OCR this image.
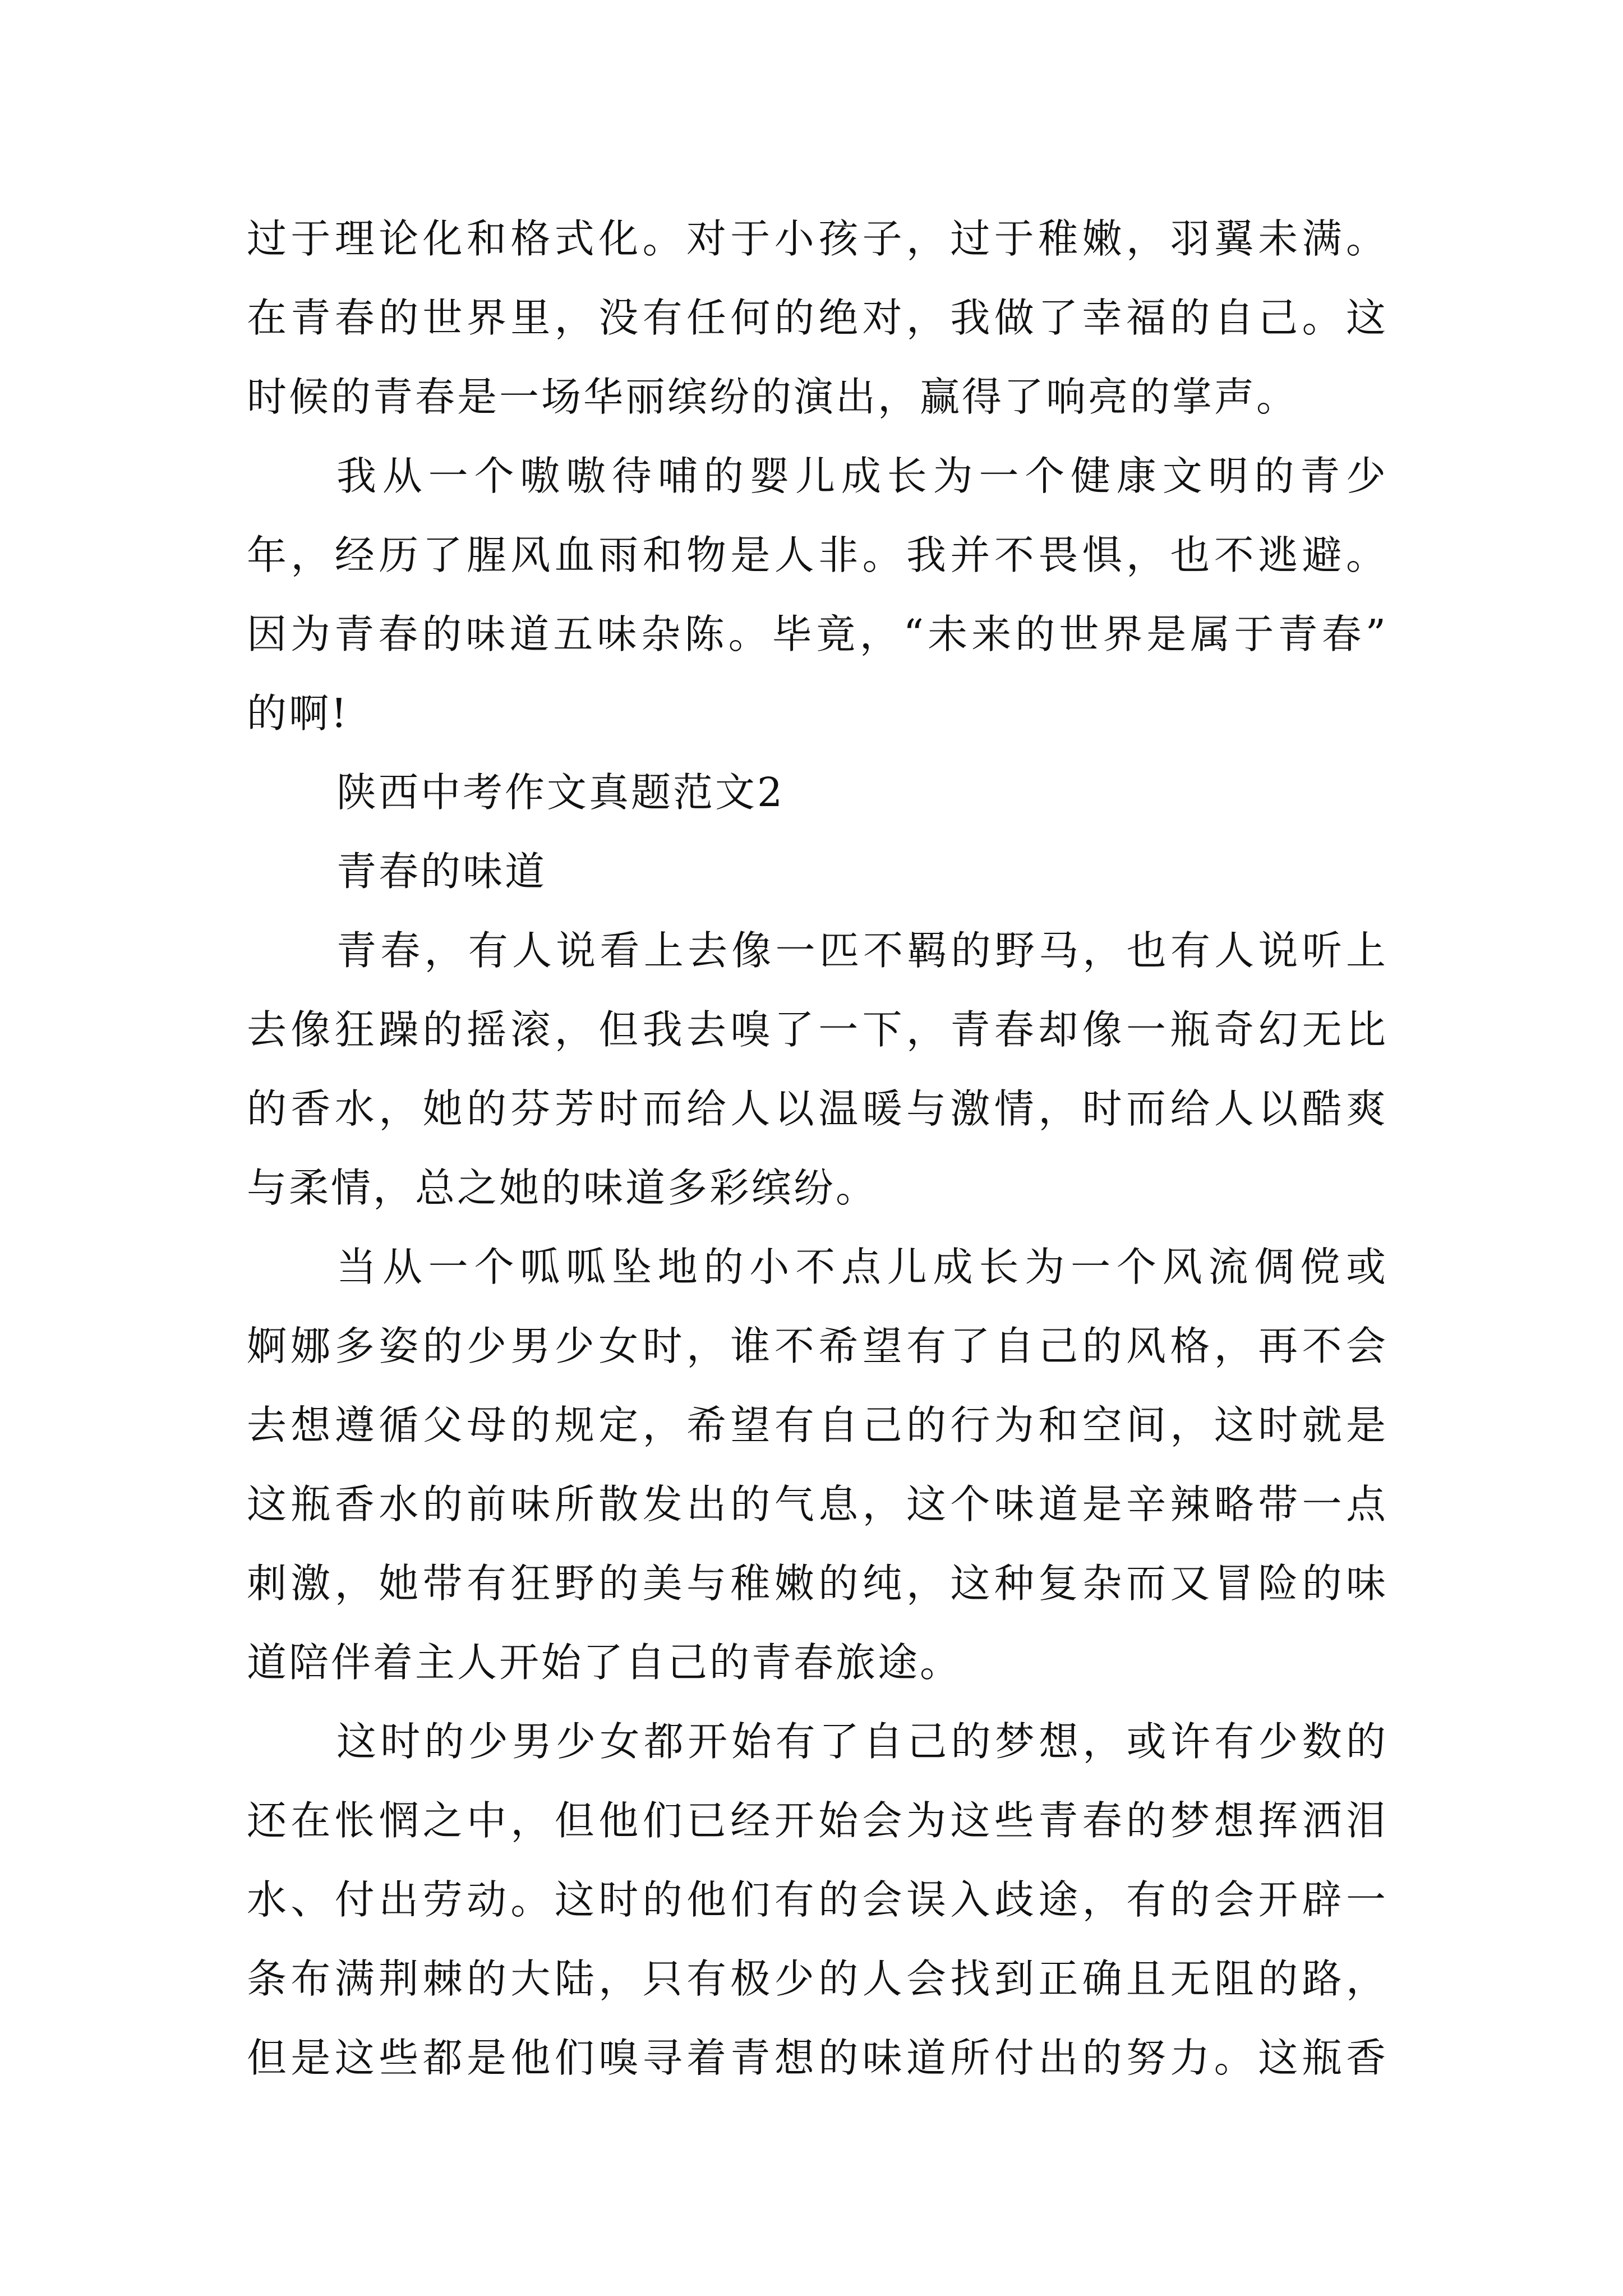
过于理论化和格式化。对于小孩子，过于稚嫩，羽翼未满。
在青春的世界里，没有任何的绝对，我做了幸福的自己。这
时候的青春是一场华丽缤纷的演出，赢得了响亮的掌声。
我从一个嗷嗷待哺的婴儿成长为一个健康文明的青少
年，经历了腥风血雨和物是人非。我并不畏惧，也不逃避。
因为青春的味道五味杂陈。毕竟，“未来的世界是属于青春”
的啊!
陕西中考作文真题范文2
青春的味道
青春，有人说看上去像一匹不羁的野马，也有人说听上
去像狂躁的摇滚，但我去嗅了一下，青春却像一瓶奇幻无比
的香水，她的芬芳时而给人以温暖与激情，时而给人以酷爽
与柔情，总之她的味道多彩缤纷。
当从一个呱呱坠地的小不点儿成长为一个风流倜傥或
婀娜多姿的少男少女时，谁不希望有了自己的风格，再不会
去想遵循父母的规定，希望有自己的行为和空间，这时就是
这瓶香水的前味所散发出的气息，这个味道是辛辣略带一点
刺激，她带有狂野的美与稚嫩的纯，这种复杂而又冒险的味
道陪伴着主人开始了自己的青春旅途。
这时的少男少女都开始有了自己的梦想，或许有少数的
还在怅惘之中，但他们已经开始会为这些青春的梦想挥洒泪
水、付出劳动。这时的他们有的会误入歧途，有的会开辟一
条布满荆棘的大陆，只有极少的人会找到正确且无阻的路，
但是这些都是他们嗅寻着青想的味道所付出的努力。这瓶香
